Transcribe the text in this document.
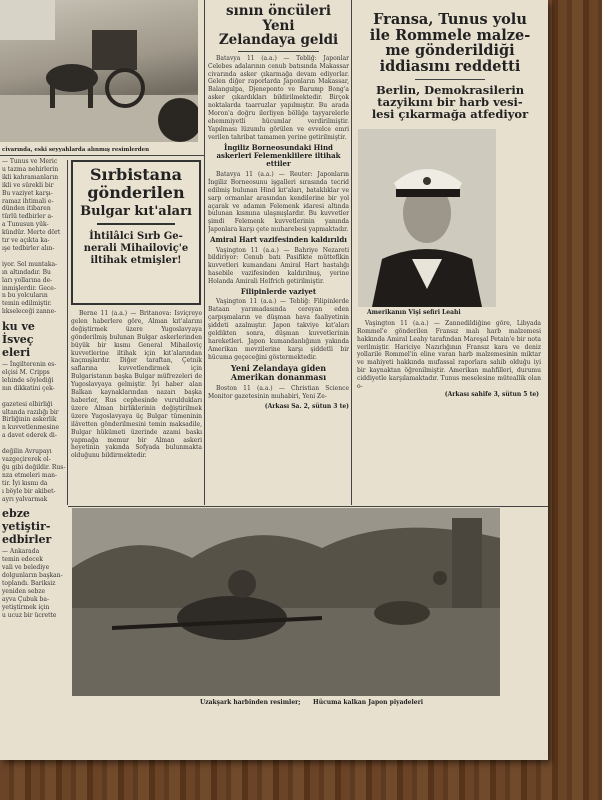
civarında, eski seyyahlarda alınmış resimlerden

— Tunus ve Meric

u tazma nehirlerin

ikli kahramanların

ikli ve sürekli bir

Bu vaziyet karşı-

ramaz ihtimali e-

dünden itibaren

türlü tedbirler a-

a Tunusun yük-

kündür. Merte dört

tır ve açıkta ka-

ışe tedbirler alın-

iyor. Sel muntaka-

ın altındadır. Bu

ları yollarına de-

inmişlerdir. Gece-

n bu yolcuların

temin edilmiştir.

lıkseleceği zanne-

ku ve İsveç
eleri

— İngilterenin es-

elçisi M. Cripps

lehinde söylediği

nın dikkatini çek-

gazetesi elbirliği

ultanda razılığı bir

Birliğinin askerlik

n kuvvetlenmesine

a davet ederek di-

değilin Avrupayı

vazgeçirerek ol-

ğu gibi değildir. Rus-

nza etmeleri man-

tir. İyi kısmı da

ı böyle bir akibet-

ayrı yalvarmak

ebze yetiştir-
edbirler

— Ankarada

temin edecek

vali ve belediye

dolgunların başkan-

toplandı. Bariksiz

yeniden sebze

ayva Çubuk ba-

yetiştirmek için

u ucuz bir ücrette

Sırbistana
gönderilen
Bulgar kıt'aları
İhtilâlci Sırb Ge-
nerali Mihailoviç'e
iltihak etmişler!

Berne 11 (a.a.) — Britanova: İsviçreye gelen haberlere göre, Alman kıt'alarını değiştirmek üzere Yugoslavyaya gönderilmiş bulunan Bulgar askerlerinden büyük bir kısmı General Mihailoviç kuvvetlerine iltihak için kıt'alarından kaçmışlardır. Diğer taraftan, Çetnik saflarına kuvvetlendirmek için Bulgaristanın başka Bulgar müfrezeleri de Yugoslavyaya gelmiştir. İyi haber alan Balkan kaynaklarından nazarı başka haberler, Rus cephesinde vuruldukları üzere Alman birliklerinin değiştirilmek üzere Yugoslavyaya üç Bulgar tümeninin ilâvetten gönderilmesini temin maksadile, Bulgar hükümeti üzerinde azami baskı yapmağa memur bir Alman askeri heyetinin yakında Sofyada bulunmakta olduğunu bildirmektedir.

sının öncüleri Yeni
Zelandaya geldi

Batavya 11 (a.a.) — Tebliğ: Japonlar Celebes adalarının cenub batısında Makassar civarında asker çıkarmağa devam ediyorlar. Gelen diğer raporlarda Japonların Makassar, Balangulpa, Djeneponto ve Barump Bong'a asker çıkardıkları bildirilmektedir. Birçok noktalarda taarruzlar yapılmıştır. Bu arada Moron'a doğru ilerliyen bölüğe tayyarelerle ehemmiyetli hücumlar verdirilmiştir. Yapılması lüzumlu görülen ve evvelce emri verilen tahribat tamamen yerine getirilmiştir.

İngiliz Borneosundaki Hind askerleri Felemenklilere iltihak ettiler

Batavya 11 (a.a.) — Reuter: Japonların İngiliz Borneosunu işgalleri sırasında tecrid edilmiş bulunan Hind kıt'aları, bataklıklar ve sarp ormanlar arasından kendilerine bir yol açarak ve adamın Felemenk idaresi altında bulunan kısmına ulaşmışlardır. Bu kuvvetler şimdi Felemenk kuvvetlerinin yanında Japonlara karşı çete muharebesi yapmaktadır.

Amiral Hart vazifesinden kaldırıldı

Vaşington 11 (a.a.) — Bahriye Nezareti bildiriyor: Cenub batı Pasifikte müttefikin kuvvetleri kumandanı Amiral Hart hastalığı hasebile vazifesinden kaldırılmış, yerine Holanda Amirali Helfrich getirilmiştir.

Filipinlerde vaziyet

Vaşington 11 (a.a.) — Tebliğ: Filipinlerde Bataan yarımadasında cereyan eden çarpışmaların ve düşman hava faaliyetinin şiddeti azalmıştır. Japon takviye kıt'aları geldikten sonra, düşman kuvvetlerinin hareketleri. Japon kumandanlığının yakında Amerikan mevzilerine karşı şiddetli bir hücuma geçeceğini göstermektedir.

Yeni Zelandaya giden Amerikan donanması

Boston 11 (a.a.) — Christian Science Monitor gazetesinin muhabiri, Yeni Ze-

(Arkası Sa. 2, sütun 3 te)
Fransa, Tunus yolu
ile Rommele malze-
me gönderildiği
iddiasını reddetti
Berlin, Demokrasilerin
tazyikını bir harb vesi-
lesi çıkarmağa atfediyor
Amerikanın Vişi sefiri Leahi

Vaşington 11 (a.a.) — Zannedildiğine göre, Libyada Rommel'e gönderilen Fransız malı harb malzemesi hakkında Amiral Leahy tarafından Mareşal Petain'e bir nota verilmiştir. Hariciye Nazırlığının Fransız kara ve deniz yollarile Rommel'in eline varan harb malzemesinin miktar ve mahiyeti hakkında mufassal raporlara sahib olduğu iyi bir kaynaktan öğrenilmiştir. Amerikan mahfilleri, durumu ciddiyetle karşılamaktadır. Tunus meselesine müteallik olan o-

(Arkası sahife 3, sütun 5 te)
Uzakşark harbinden resimler;      Hücuma kalkan Japon piyadeleri
